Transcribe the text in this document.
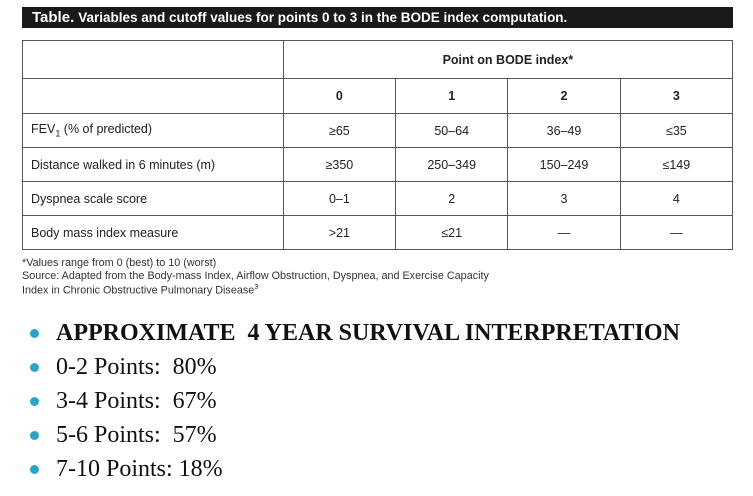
Table. Variables and cutoff values for points 0 to 3 in the BODE index computation.
	Point on BODE index*			
	0	1	2	3
$FEV_1$ (% of predicted)	≥65	50–64	36–49	≤35
Distance walked in 6 minutes (m)	≥350	250–349	150–249	≤149
Dyspnea scale score	0–1	2	3	4
Body mass index measure	>21	≤21	—	—
*Values range from 0 (best) to 10 (worst)
Source: Adapted from the Body-mass Index, Airflow Obstruction, Dyspnea, and Exercise Capacity
Index in Chronic Obstructive Pulmonary Disease$^3$
APPROXIMATE  4 YEAR SURVIVAL INTERPRETATION
0-2 Points:  80%
3-4 Points:  67%
5-6 Points:  57%
7-10 Points: 18%
